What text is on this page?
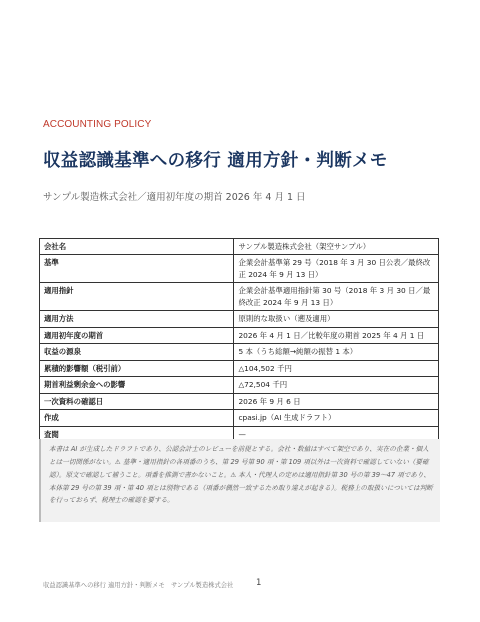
ACCOUNTING POLICY
収益認識基準への移行 適用方針・判断メモ
サンプル製造株式会社／適用初年度の期首 2026 年 4 月 1 日
会社名	サンプル製造株式会社（架空サンプル）
基準	企業会計基準第 29 号（2018 年 3 月 30 日公表／最終改正 2024 年 9 月 13 日）
適用指針	企業会計基準適用指針第 30 号（2018 年 3 月 30 日／最終改正 2024 年 9 月 13 日）
適用方法	原則的な取扱い（遡及適用）
適用初年度の期首	2026 年 4 月 1 日／比較年度の期首 2025 年 4 月 1 日
収益の源泉	5 本（うち総額→純額の振替 1 本）
累積的影響額（税引前）	△104,502 千円
期首利益剰余金への影響	△72,504 千円
一次資料の確認日	2026 年 9 月 6 日
作成	cpasi.jp（AI 生成ドラフト）
査閲	—
本書は AI が生成したドラフトであり、公認会計士のレビューを前提とする。会社・数値はすべて架空であり、実在の企業・個人とは一切関係がない。⚠ 基準・適用指針の各項番のうち、第 29 号第 90 項・第 109 項以外は一次資料で確認していない（要確認）。原文で確認して補うこと。項番を推測で書かないこと。⚠ 本人・代理人の定めは適用指針第 30 号の第 39〜47 項であり、本体第 29 号の第 39 項・第 40 項とは別物である（項番が偶然一致するため取り違えが起きる）。税務上の取扱いについては判断を行っておらず、税理士の確認を要する。
収益認識基準への移行 適用方針・判断メモ　サンプル製造株式会社	1
